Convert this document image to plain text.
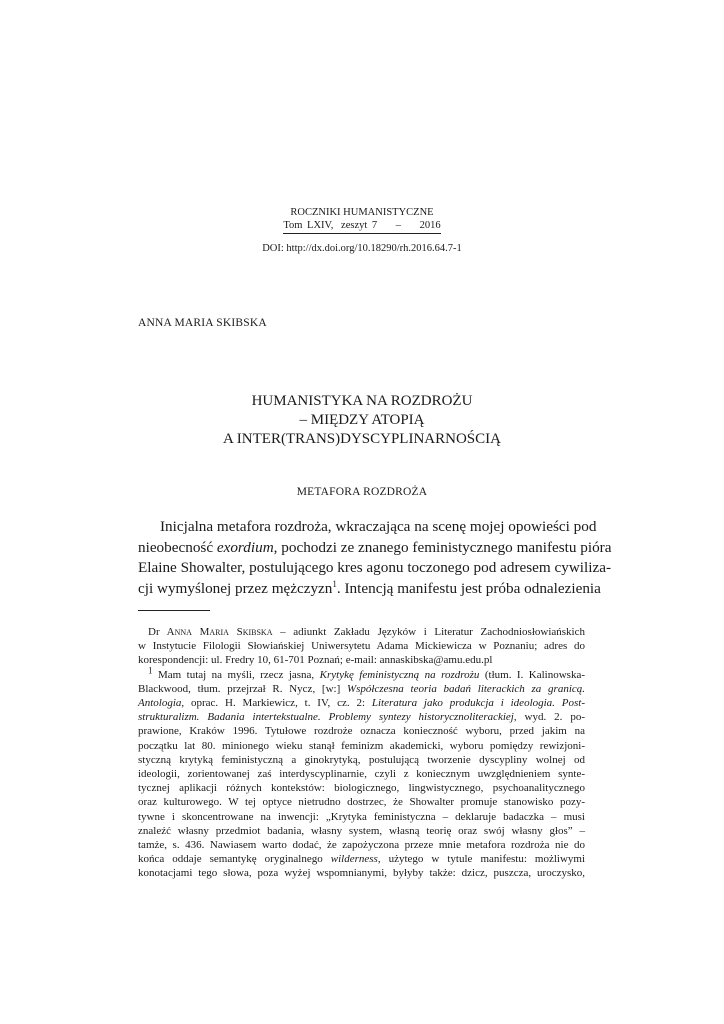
ROCZNIKI HUMANISTYCZNE
Tom LXIV, zeszyt 7 – 2016
DOI: http://dx.doi.org/10.18290/rh.2016.64.7-1
ANNA MARIA SKIBSKA
HUMANISTYKA NA ROZDROŻU
– MIĘDZY ATOPIĄ
A INTER(TRANS)DYSCYPLINARNOŚCIĄ
METAFORA ROZDROŻA
Inicjalna metafora rozdroża, wkraczająca na scenę mojej opowieści pod
nieobecność exordium, pochodzi ze znanego feministycznego manifestu pióra
Elaine Showalter, postulującego kres agonu toczonego pod adresem cywiliza-
cji wymyślonej przez mężczyzn$^1$. Intencją manifestu jest próba odnalezienia
Dr Anna Maria Skibska – adiunkt Zakładu Języków i Literatur Zachodniosłowiańskich
w Instytucie Filologii Słowiańskiej Uniwersytetu Adama Mickiewicza w Poznaniu; adres do
korespondencji: ul. Fredry 10, 61-701 Poznań; e-mail: annaskibska@amu.edu.pl
$^1$ Mam tutaj na myśli, rzecz jasna, Krytykę feministyczną na rozdrożu (tłum. I. Kalinowska-
Blackwood, tłum. przejrzał R. Nycz, [w:] Współczesna teoria badań literackich za granicą.
Antologia, oprac. H. Markiewicz, t. IV, cz. 2: Literatura jako produkcja i ideologia. Post-
strukturalizm. Badania intertekstualne. Problemy syntezy historycznoliterackiej, wyd. 2. po-
prawione, Kraków 1996. Tytułowe rozdroże oznacza konieczność wyboru, przed jakim na
początku lat 80. minionego wieku stanął feminizm akademicki, wyboru pomiędzy rewizjoni-
styczną krytyką feministyczną a ginokrytyką, postulującą tworzenie dyscypliny wolnej od
ideologii, zorientowanej zaś interdyscyplinarnie, czyli z koniecznym uwzględnieniem synte-
tycznej aplikacji różnych kontekstów: biologicznego, lingwistycznego, psychoanalitycznego
oraz kulturowego. W tej optyce nietrudno dostrzec, że Showalter promuje stanowisko pozy-
tywne i skoncentrowane na inwencji: „Krytyka feministyczna – deklaruje badaczka – musi
znaleźć własny przedmiot badania, własny system, własną teorię oraz swój własny głos” –
tamże, s. 436. Nawiasem warto dodać, że zapożyczona przeze mnie metafora rozdroża nie do
końca oddaje semantykę oryginalnego wilderness, użytego w tytule manifestu: możliwymi
konotacjami tego słowa, poza wyżej wspomnianymi, byłyby także: dzicz, puszcza, uroczysko,
